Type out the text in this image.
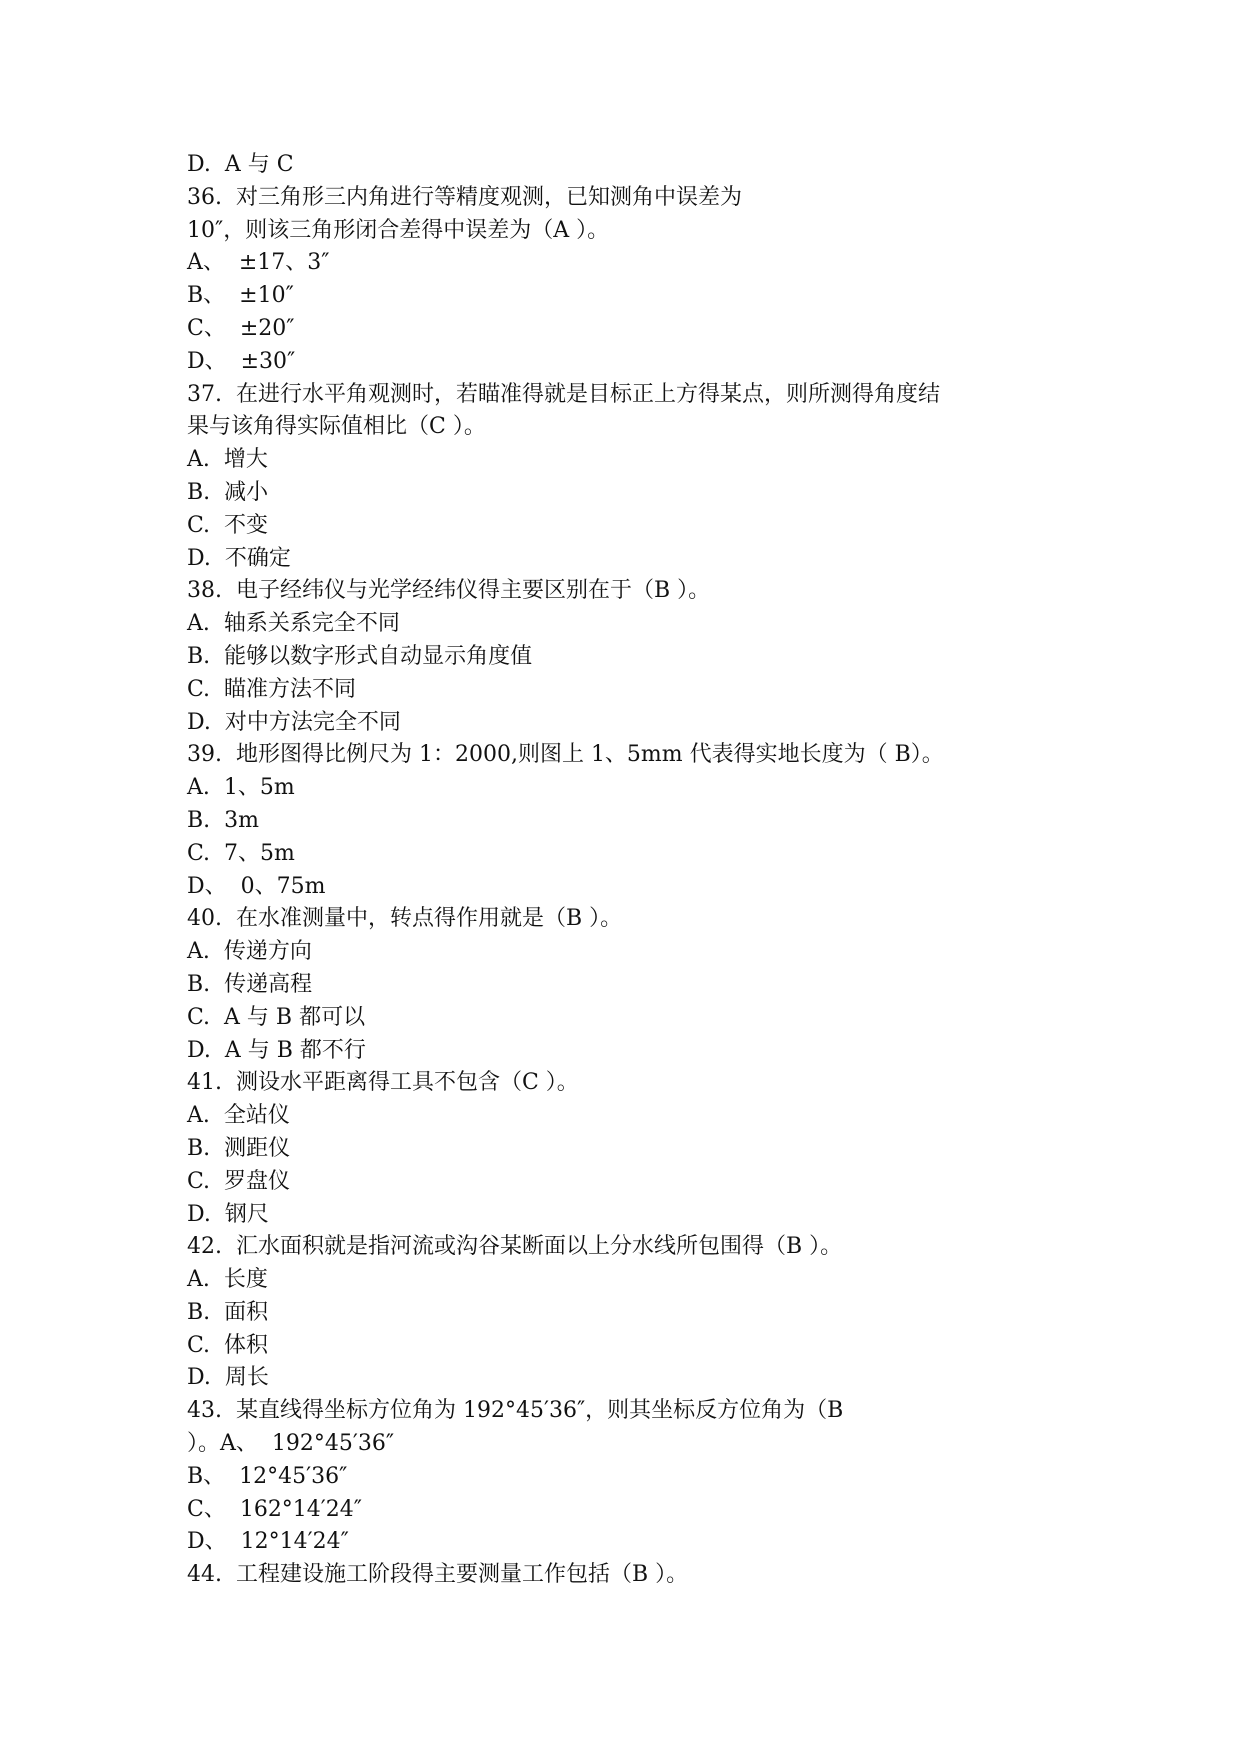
D.  A 与 C
36.  对三角形三内角进行等精度观测，已知测角中误差为
10″，则该三角形闭合差得中误差为（A ）。
A、  ±17、3″
B、  ±10″
C、  ±20″
D、  ±30″
37.  在进行水平角观测时，若瞄准得就是目标正上方得某点，则所测得角度结
果与该角得实际值相比（C ）。
A.  增大
B.  减小
C.  不变
D.  不确定
38.  电子经纬仪与光学经纬仪得主要区别在于（B ）。
A.  轴系关系完全不同
B.  能够以数字形式自动显示角度值
C.  瞄准方法不同
D.  对中方法完全不同
39.  地形图得比例尺为 1：2000,则图上 1、5mm 代表得实地长度为（ B）。
A.  1、5m
B.  3m
C.  7、5m
D、  0、75m
40.  在水准测量中，转点得作用就是（B ）。
A.  传递方向
B.  传递高程
C.  A 与 B 都可以
D.  A 与 B 都不行
41.  测设水平距离得工具不包含（C ）。
A.  全站仪
B.  测距仪
C.  罗盘仪
D.  钢尺
42.  汇水面积就是指河流或沟谷某断面以上分水线所包围得（B ）。
A.  长度
B.  面积
C.  体积
D.  周长
43.  某直线得坐标方位角为 192°45′36″，则其坐标反方位角为（B
）。A、  192°45′36″
B、  12°45′36″
C、  162°14′24″
D、  12°14′24″
44.  工程建设施工阶段得主要测量工作包括（B ）。
